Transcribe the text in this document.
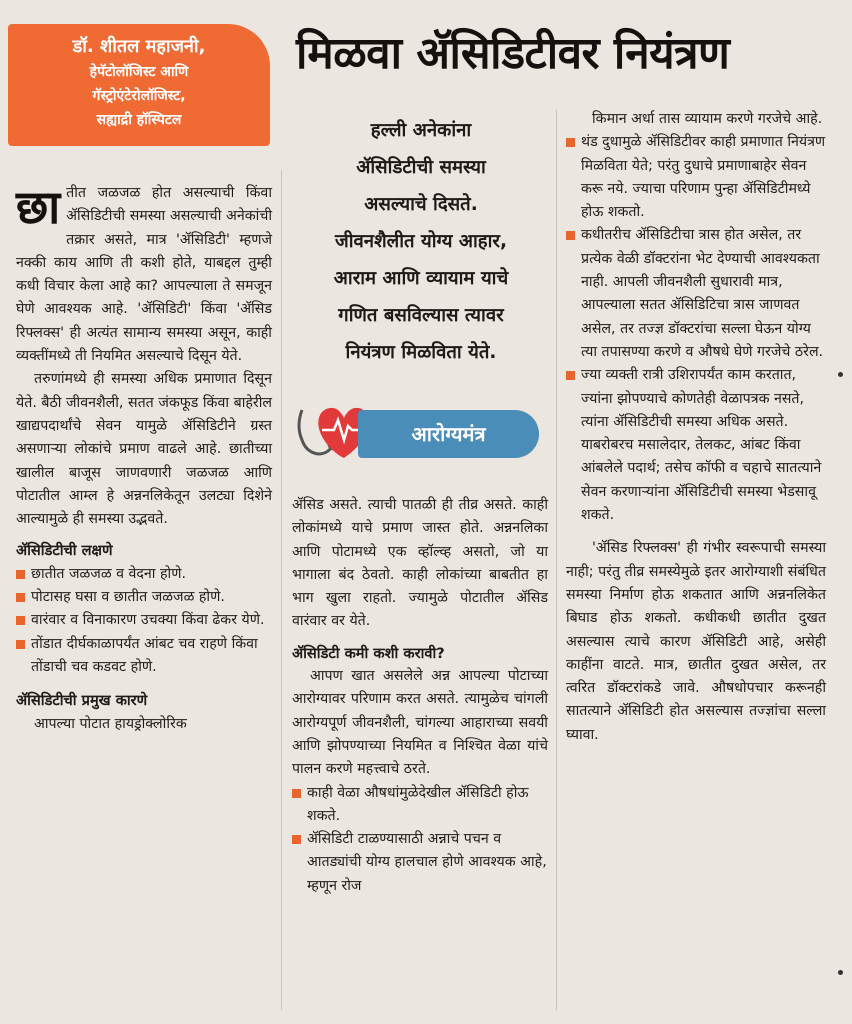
डॉ. शीतल महाजनी,
हेपॅटोलॉजिस्ट आणि
गॅस्ट्रोएंटेरोलॉजिस्ट,
सह्याद्री हॉस्पिटल
मिळवा ॲसिडिटीवर नियंत्रण
हल्ली अनेकांना
ॲसिडिटीची समस्या
असल्याचे दिसते.
जीवनशैलीत योग्य आहार,
आराम आणि व्यायाम याचे
गणित बसविल्यास त्यावर
नियंत्रण मिळविता येते.
आरोग्यमंत्र

छातीत जळजळ होत असल्याची किंवा ॲसिडिटीची समस्या असल्याची अनेकांची तक्रार असते, मात्र 'ॲसिडिटी' म्हणजे नक्की काय आणि ती कशी होते, याबद्दल तुम्ही कधी विचार केला आहे का? आपल्याला ते समजून घेणे आवश्यक आहे. 'ॲसिडिटी' किंवा 'ॲसिड रिफ्लक्स' ही अत्यंत सामान्य समस्या असून, काही व्यक्तींमध्ये ती नियमित असल्याचे दिसून येते.

तरुणांमध्ये ही समस्या अधिक प्रमाणात दिसून येते. बैठी जीवनशैली, सतत जंकफूड किंवा बाहेरील खाद्यपदार्थांचे सेवन यामुळे ॲसिडिटीने ग्रस्त असणाऱ्या लोकांचे प्रमाण वाढले आहे. छातीच्या खालील बाजूस जाणवणारी जळजळ आणि पोटातील आम्ल हे अन्ननलिकेतून उलट्या दिशेने आल्यामुळे ही समस्या उद्भवते.

ॲसिडिटीची लक्षणे
छातीत जळजळ व वेदना होणे.
पोटासह घसा व छातीत जळजळ होणे.
वारंवार व विनाकारण उचक्या किंवा ढेकर येणे.
तोंडात दीर्घकाळापर्यंत आंबट चव राहणे किंवा तोंडाची चव कडवट होणे.
ॲसिडिटीची प्रमुख कारणे

आपल्या पोटात हायड्रोक्लोरिक

ॲसिड असते. त्याची पातळी ही तीव्र असते. काही लोकांमध्ये याचे प्रमाण जास्त होते. अन्ननलिका आणि पोटामध्ये एक व्हॉल्व्ह असतो, जो या भागाला बंद ठेवतो. काही लोकांच्या बाबतीत हा भाग खुला राहतो. ज्यामुळे पोटातील ॲसिड वारंवार वर येते.

ॲसिडिटी कमी कशी करावी?

आपण खात असलेले अन्न आपल्या पोटाच्या आरोग्यावर परिणाम करत असते. त्यामुळेच चांगली आरोग्यपूर्ण जीवनशैली, चांगल्या आहाराच्या सवयी आणि झोपण्याच्या नियमित व निश्चित वेळा यांचे पालन करणे महत्त्वाचे ठरते.

काही वेळा औषधांमुळेदेखील ॲसिडिटी होऊ शकते.
ॲसिडिटी टाळण्यासाठी अन्नाचे पचन व आतड्यांची योग्य हालचाल होणे आवश्यक आहे, म्हणून रोज

किमान अर्धा तास व्यायाम करणे गरजेचे आहे.

थंड दुधामुळे ॲसिडिटीवर काही प्रमाणात नियंत्रण मिळविता येते; परंतु दुधाचे प्रमाणाबाहेर सेवन करू नये. ज्याचा परिणाम पुन्हा ॲसिडिटीमध्ये होऊ शकतो.
कधीतरीच ॲसिडिटीचा त्रास होत असेल, तर प्रत्येक वेळी डॉक्टरांना भेट देण्याची आवश्यकता नाही. आपली जीवनशैली सुधारावी मात्र, आपल्याला सतत ॲसिडिटिचा त्रास जाणवत असेल, तर तज्ज्ञ डॉक्टरांचा सल्ला घेऊन योग्य त्या तपासण्या करणे व औषधे घेणे गरजेचे ठरेल.
ज्या व्यक्ती रात्री उशिरापर्यंत काम करतात, ज्यांना झोपण्याचे कोणतेही वेळापत्रक नसते, त्यांना ॲसिडिटीची समस्या अधिक असते. याबरोबरच मसालेदार, तेलकट, आंबट किंवा आंबलेले पदार्थ; तसेच कॉफी व चहाचे सातत्याने सेवन करणाऱ्यांना ॲसिडिटीची समस्या भेडसावू शकते.

'ॲसिड रिफ्लक्स' ही गंभीर स्वरूपाची समस्या नाही; परंतु तीव्र समस्येमुळे इतर आरोग्याशी संबंधित समस्या निर्माण होऊ शकतात आणि अन्ननलिकेत बिघाड होऊ शकतो. कधीकधी छातीत दुखत असल्यास त्याचे कारण ॲसिडिटी आहे, असेही काहींना वाटते. मात्र, छातीत दुखत असेल, तर त्वरित डॉक्टरांकडे जावे. औषधोपचार करूनही सातत्याने ॲसिडिटी होत असल्यास तज्ज्ञांचा सल्ला घ्यावा.
